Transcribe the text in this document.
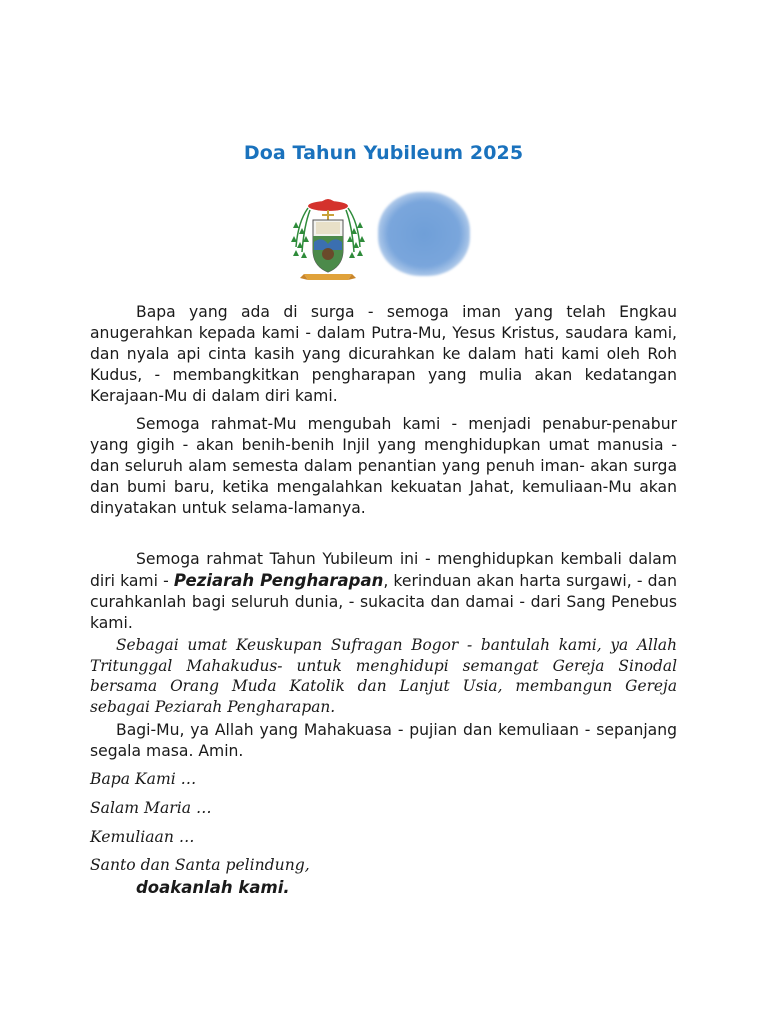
Doa Tahun Yubileum 2025

Bapa yang ada di surga - semoga iman yang telah Engkau anugerahkan kepada kami - dalam Putra-Mu, Yesus Kristus, saudara kami, dan nyala api cinta kasih yang dicurahkan ke dalam hati kami oleh Roh Kudus, - membangkitkan pengharapan yang mulia akan kedatangan Kerajaan-Mu di dalam diri kami.

Semoga rahmat-Mu mengubah kami - menjadi penabur-penabur yang gigih - akan benih-benih Injil yang menghidupkan umat manusia - dan seluruh alam semesta dalam penantian yang penuh iman- akan surga dan bumi baru, ketika mengalahkan kekuatan Jahat, kemuliaan-Mu akan dinyatakan untuk selama-lamanya.

Semoga rahmat Tahun Yubileum ini - menghidupkan kembali dalam diri kami - Peziarah Pengharapan, kerinduan akan harta surgawi, - dan curahkanlah bagi seluruh dunia, - sukacita dan damai - dari Sang Penebus kami.

Sebagai umat Keuskupan Sufragan Bogor - bantulah kami, ya Allah Tritunggal Mahakudus- untuk menghidupi semangat Gereja Sinodal bersama Orang Muda Katolik dan Lanjut Usia, membangun Gereja sebagai Peziarah Pengharapan.

Bagi-Mu, ya Allah yang Mahakuasa - pujian dan kemuliaan - sepanjang segala masa. Amin.

Bapa Kami …

Salam Maria …

Kemuliaan …

Santo dan Santa pelindung,

doakanlah kami.
